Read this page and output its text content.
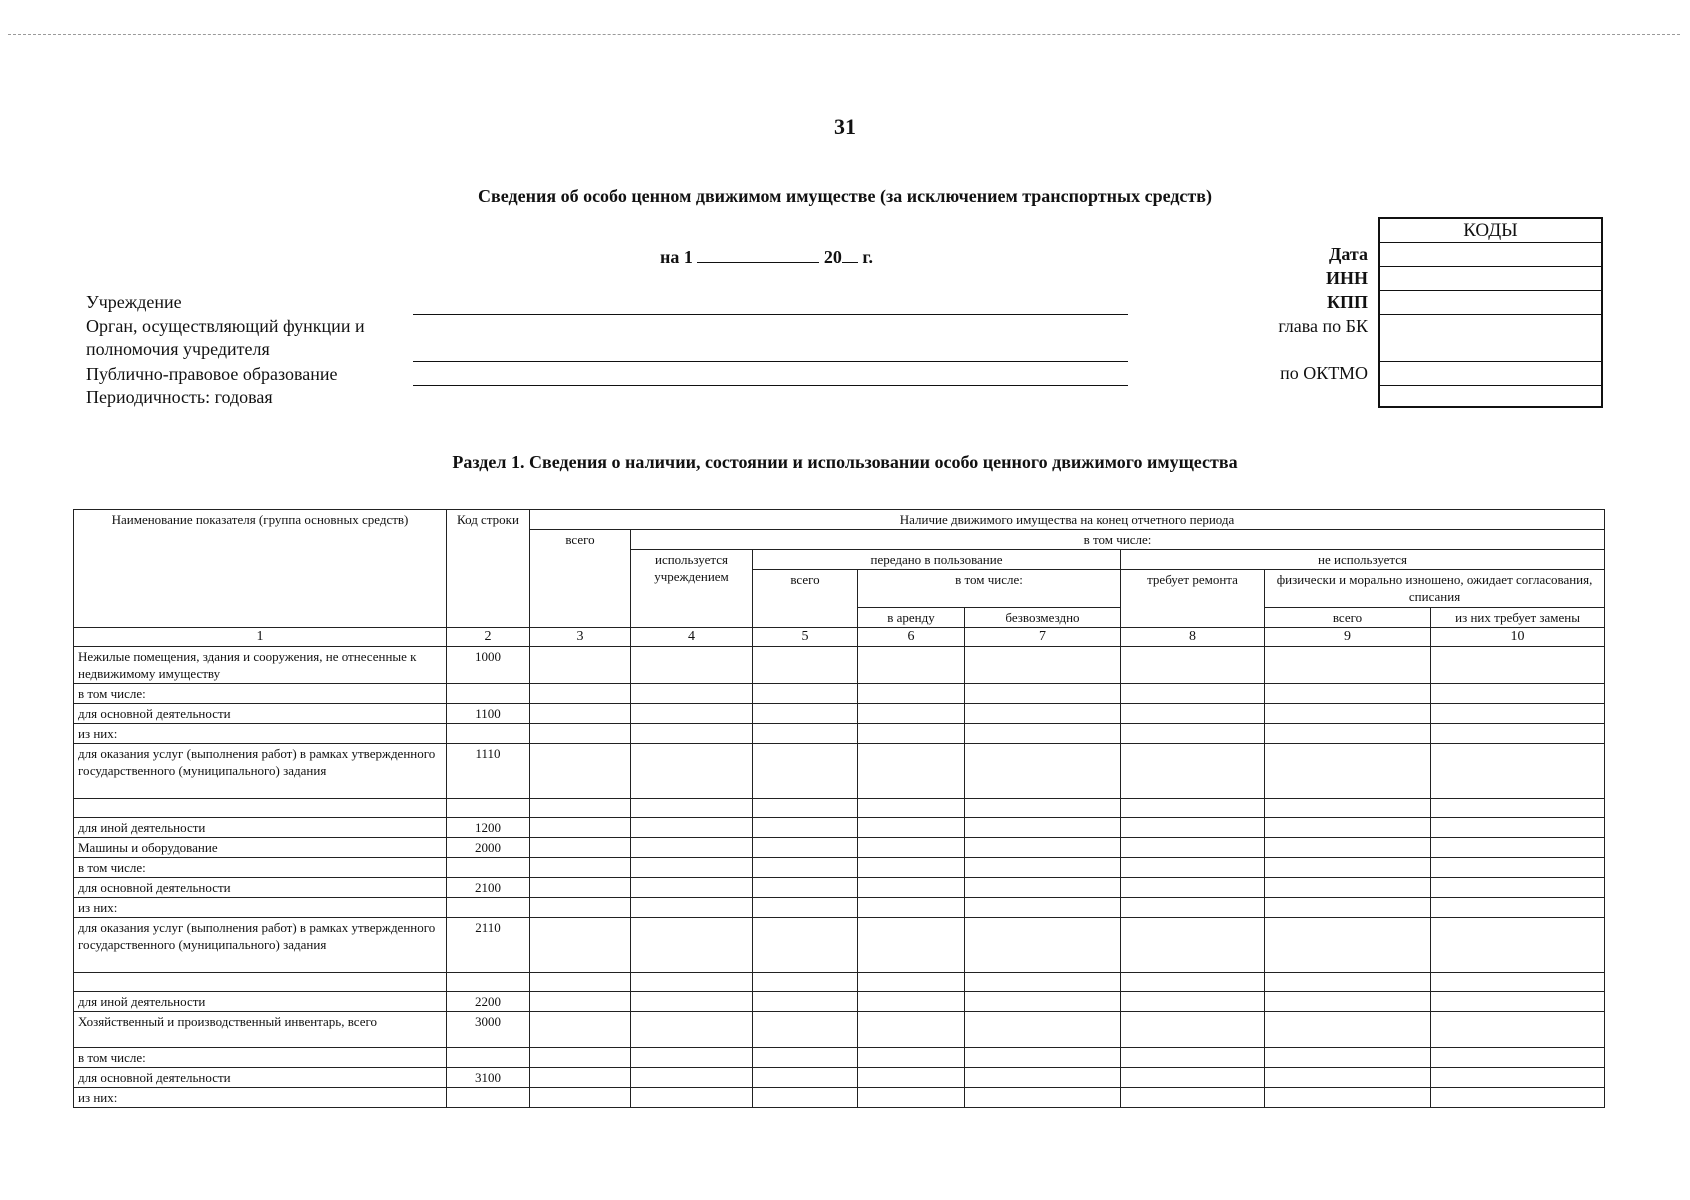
31
Сведения об особо ценном движимом имуществе (за исключением транспортных средств)
на 1	20 г.
Учреждение
Орган, осуществляющий функции и полномочия учредителя
Публично-правовое образование
Периодичность: годовая
Дата
ИНН
КПП
глава по БК
по ОКТМО
КОДЫ
Раздел 1. Сведения о наличии, состоянии и использовании особо ценного движимого имущества
Наименование показателя (группа основных средств)	Код строки	Наличие движимого имущества на конец отчетного периода							
		всего	в том числе:						
			используется учреждением	передано в пользование			не используется		
				всего	в том числе:		требует ремонта	физически и морально изношено, ожидает согласования, списания	
					в аренду	безвозмездно		всего	из них требует замены
1	2	3	4	5	6	7	8	9	10
Нежилые помещения, здания и сооружения, не отнесенные к недвижимому имуществу	1000								
в том числе:									
для основной деятельности	1100								
из них:									
для оказания услуг (выполнения работ) в рамках утвержденного государственного (муниципального) задания	1110								

для иной деятельности	1200								
Машины и оборудование	2000								
в том числе:									
для основной деятельности	2100								
из них:									
для оказания услуг (выполнения работ) в рамках утвержденного государственного (муниципального) задания	2110								

для иной деятельности	2200								
Хозяйственный и производственный инвентарь, всего	3000								
в том числе:									
для основной деятельности	3100								
из них:									
